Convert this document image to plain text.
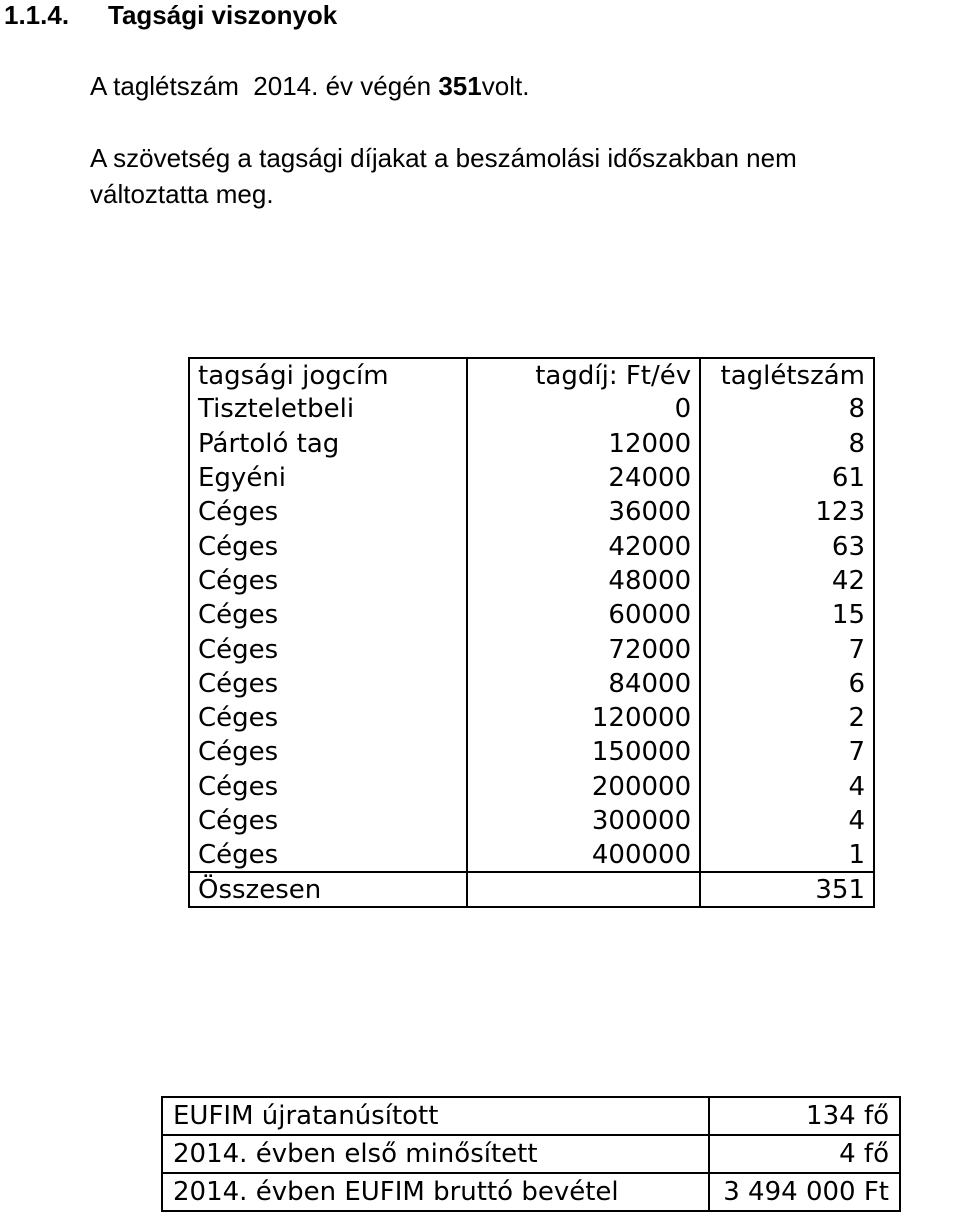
1.1.4. Tagsági viszonyok
A taglétszám  2014. év végén 351volt.
A szövetség a tagsági díjakat a beszámolási időszakban nem
változtatta meg.
tagsági jogcím	tagdíj: Ft/év	taglétszám
Tiszteletbeli	0	8
Pártoló tag	12000	8
Egyéni	24000	61
Céges	36000	123
Céges	42000	63
Céges	48000	42
Céges	60000	15
Céges	72000	7
Céges	84000	6
Céges	120000	2
Céges	150000	7
Céges	200000	4
Céges	300000	4
Céges	400000	1
Összesen		351
EUFIM újratanúsított	134 fő
2014. évben első minősített	4 fő
2014. évben EUFIM bruttó bevétel	3 494 000 Ft
